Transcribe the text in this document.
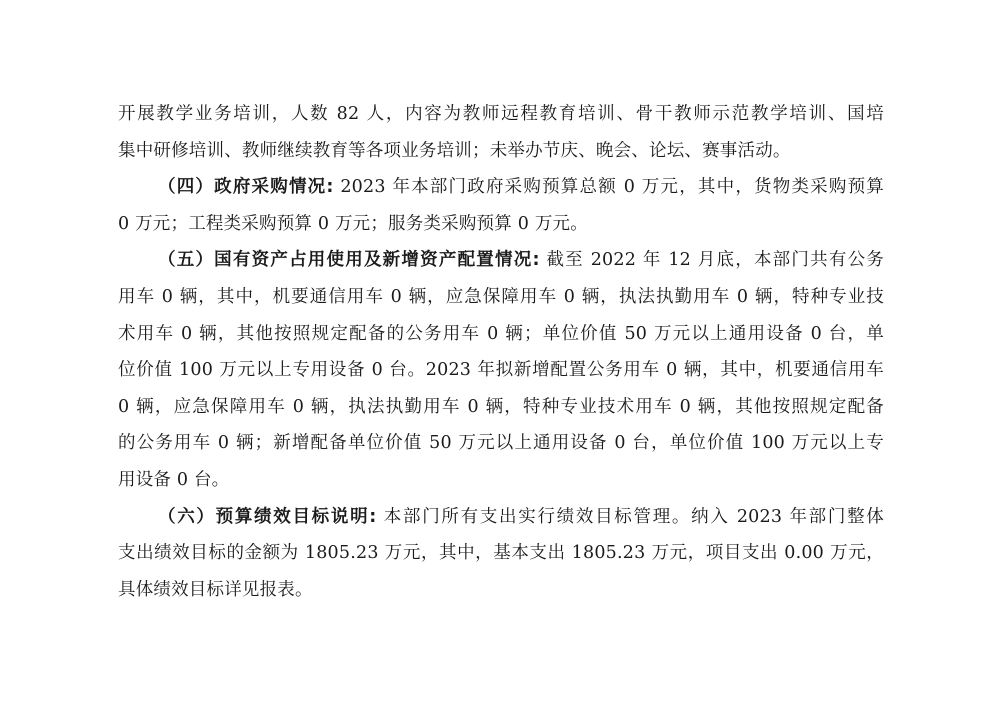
开展教学业务培训，人数 82 人，内容为教师远程教育培训、骨干教师示范教学培训、国培
集中研修培训、教师继续教育等各项业务培训；未举办节庆、晚会、论坛、赛事活动。
（四）政府采购情况: 2023 年本部门政府采购预算总额 0 万元，其中，货物类采购预算
0 万元；工程类采购预算 0 万元；服务类采购预算 0 万元。
（五）国有资产占用使用及新增资产配置情况: 截至 2022 年 12 月底，本部门共有公务
用车 0 辆，其中，机要通信用车 0 辆，应急保障用车 0 辆，执法执勤用车 0 辆，特种专业技
术用车 0 辆，其他按照规定配备的公务用车 0 辆；单位价值 50 万元以上通用设备 0 台，单
位价值 100 万元以上专用设备 0 台。2023 年拟新增配置公务用车 0 辆，其中，机要通信用车
0 辆，应急保障用车 0 辆，执法执勤用车 0 辆，特种专业技术用车 0 辆，其他按照规定配备
的公务用车 0 辆；新增配备单位价值 50 万元以上通用设备 0 台，单位价值 100 万元以上专
用设备 0 台。
（六）预算绩效目标说明: 本部门所有支出实行绩效目标管理。纳入 2023 年部门整体
支出绩效目标的金额为 1805.23 万元，其中，基本支出 1805.23 万元，项目支出 0.00 万元，
具体绩效目标详见报表。
